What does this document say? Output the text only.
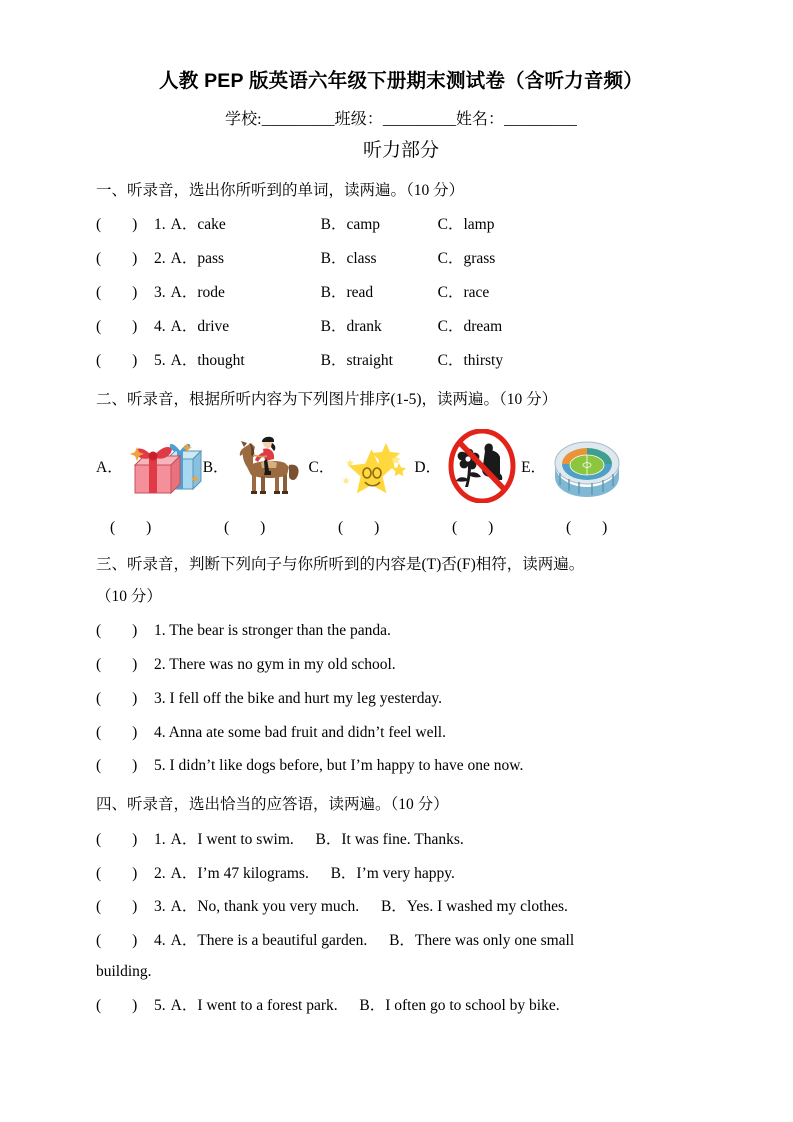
人教 PEP 版英语六年级下册期末测试卷（含听力音频）
学校:_________班级：_________姓名：_________
听力部分
一、听录音，选出你所听到的单词，读两遍。（10 分）
(        )	1. A．cake	B．camp	C．lamp
(        )	2. A．pass	B．class	C．grass
(        )	3. A．rode	B．read	C．race
(        )	4. A．drive	B．drank	C．dream
(        )	5. A．thought	B．straight	C．thirsty
二、听录音，根据所听内容为下列图片排序(1-5)，读两遍。（10 分）
A．	B．	C．	D．	E．
(        )	(        )	(        )	(        )	(        )
三、听录音，判断下列向子与你所听到的内容是(T)否(F)相符，读两遍。
（10 分）
(        )	1. The bear is stronger than the panda.
(        )	2. There was no gym in my old school.
(        )	3. I fell off the bike and hurt my leg yesterday.
(        )	4. Anna ate some bad fruit and didn’t feel well.
(        )	5. I didn’t like dogs before, but I’m happy to have one now.
四、听录音，选出恰当的应答语，读两遍。（10 分）
(        )	1. A．I went to swim. B．It was fine. Thanks.
(        )	2. A．I’m 47 kilograms. B．I’m very happy.
(        )	3. A．No, thank you very much. B．Yes. I washed my clothes.
(        )	4. A．There is a beautiful garden. B．There was only one small
building.
(        )	5. A．I went to a forest park. B．I often go to school by bike.
